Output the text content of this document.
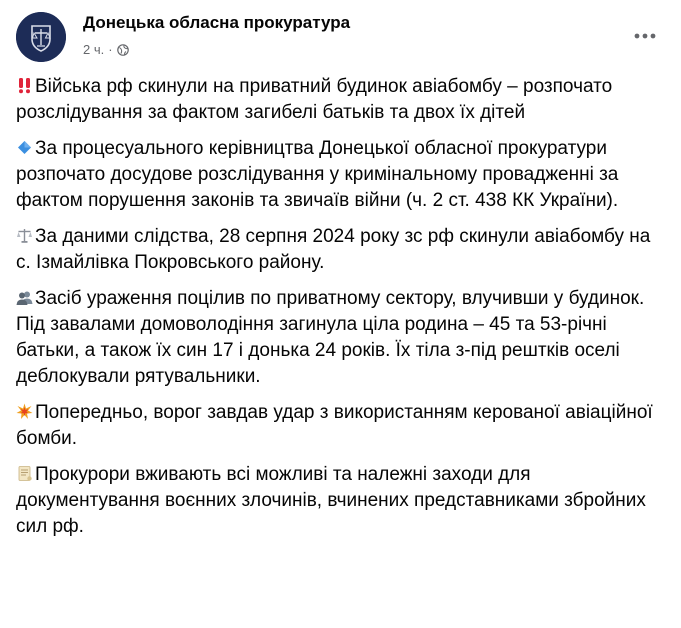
Донецька обласна прокуратура
2 ч. ·

Війська рф скинули на приватний будинок авіабомбу – розпочато розслідування за фактом загибелі батьків та двох їх дітей

За процесуального керівництва Донецької обласної прокуратури розпочато досудове розслідування у кримінальному провадженні за фактом порушення законів та звичаїв війни (ч. 2 ст. 438 КК України).

За даними слідства, 28 серпня 2024 року зс рф скинули авіабомбу на с. Ізмайлівка Покровського району.

Засіб ураження поцілив по приватному сектору, влучивши у будинок. Під завалами домоволодіння загинула ціла родина – 45 та 53-річні батьки, а також їх син 17 і донька 24 років. Їх тіла з-під рештків оселі деблокували рятувальники.

Попередньо, ворог завдав удар з використанням керованої авіаційної бомби.

Прокурори вживають всі можливі та належні заходи для документування воєнних злочинів, вчинених представниками збройних сил рф.
